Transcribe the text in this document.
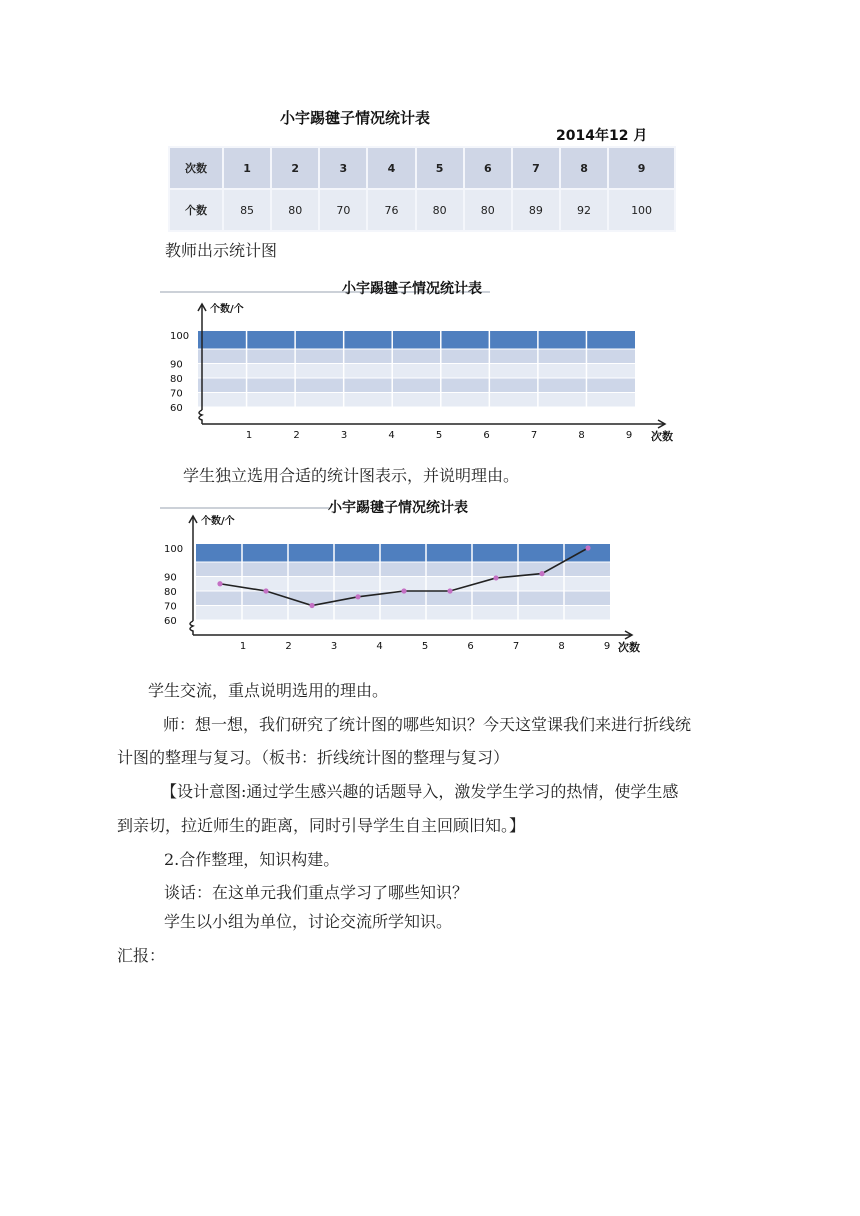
小宇踢毽子情况统计表
2014年12 月
次数	1	2	3	4	5	6	7	8	9
个数	85	80	70	76	80	80	89	92	100
教师出示统计图
小宇踢毽子情况统计表
个数/个
次数
100
90
80
70
60
1	2	3	4	5	6	7	8	9
学生独立选用合适的统计图表示，并说明理由。
小宇踢毽子情况统计表
个数/个
次数
100
90
80
70
60
1	2	3	4	5	6	7	8	9
学生交流，重点说明选用的理由。
师：想一想，我们研究了统计图的哪些知识？今天这堂课我们来进行折线统
计图的整理与复习。（板书：折线统计图的整理与复习）
【设计意图:通过学生感兴趣的话题导入，激发学生学习的热情，使学生感
到亲切，拉近师生的距离，同时引导学生自主回顾旧知。】
2.合作整理，知识构建。
谈话：在这单元我们重点学习了哪些知识？
学生以小组为单位，讨论交流所学知识。
汇报：
